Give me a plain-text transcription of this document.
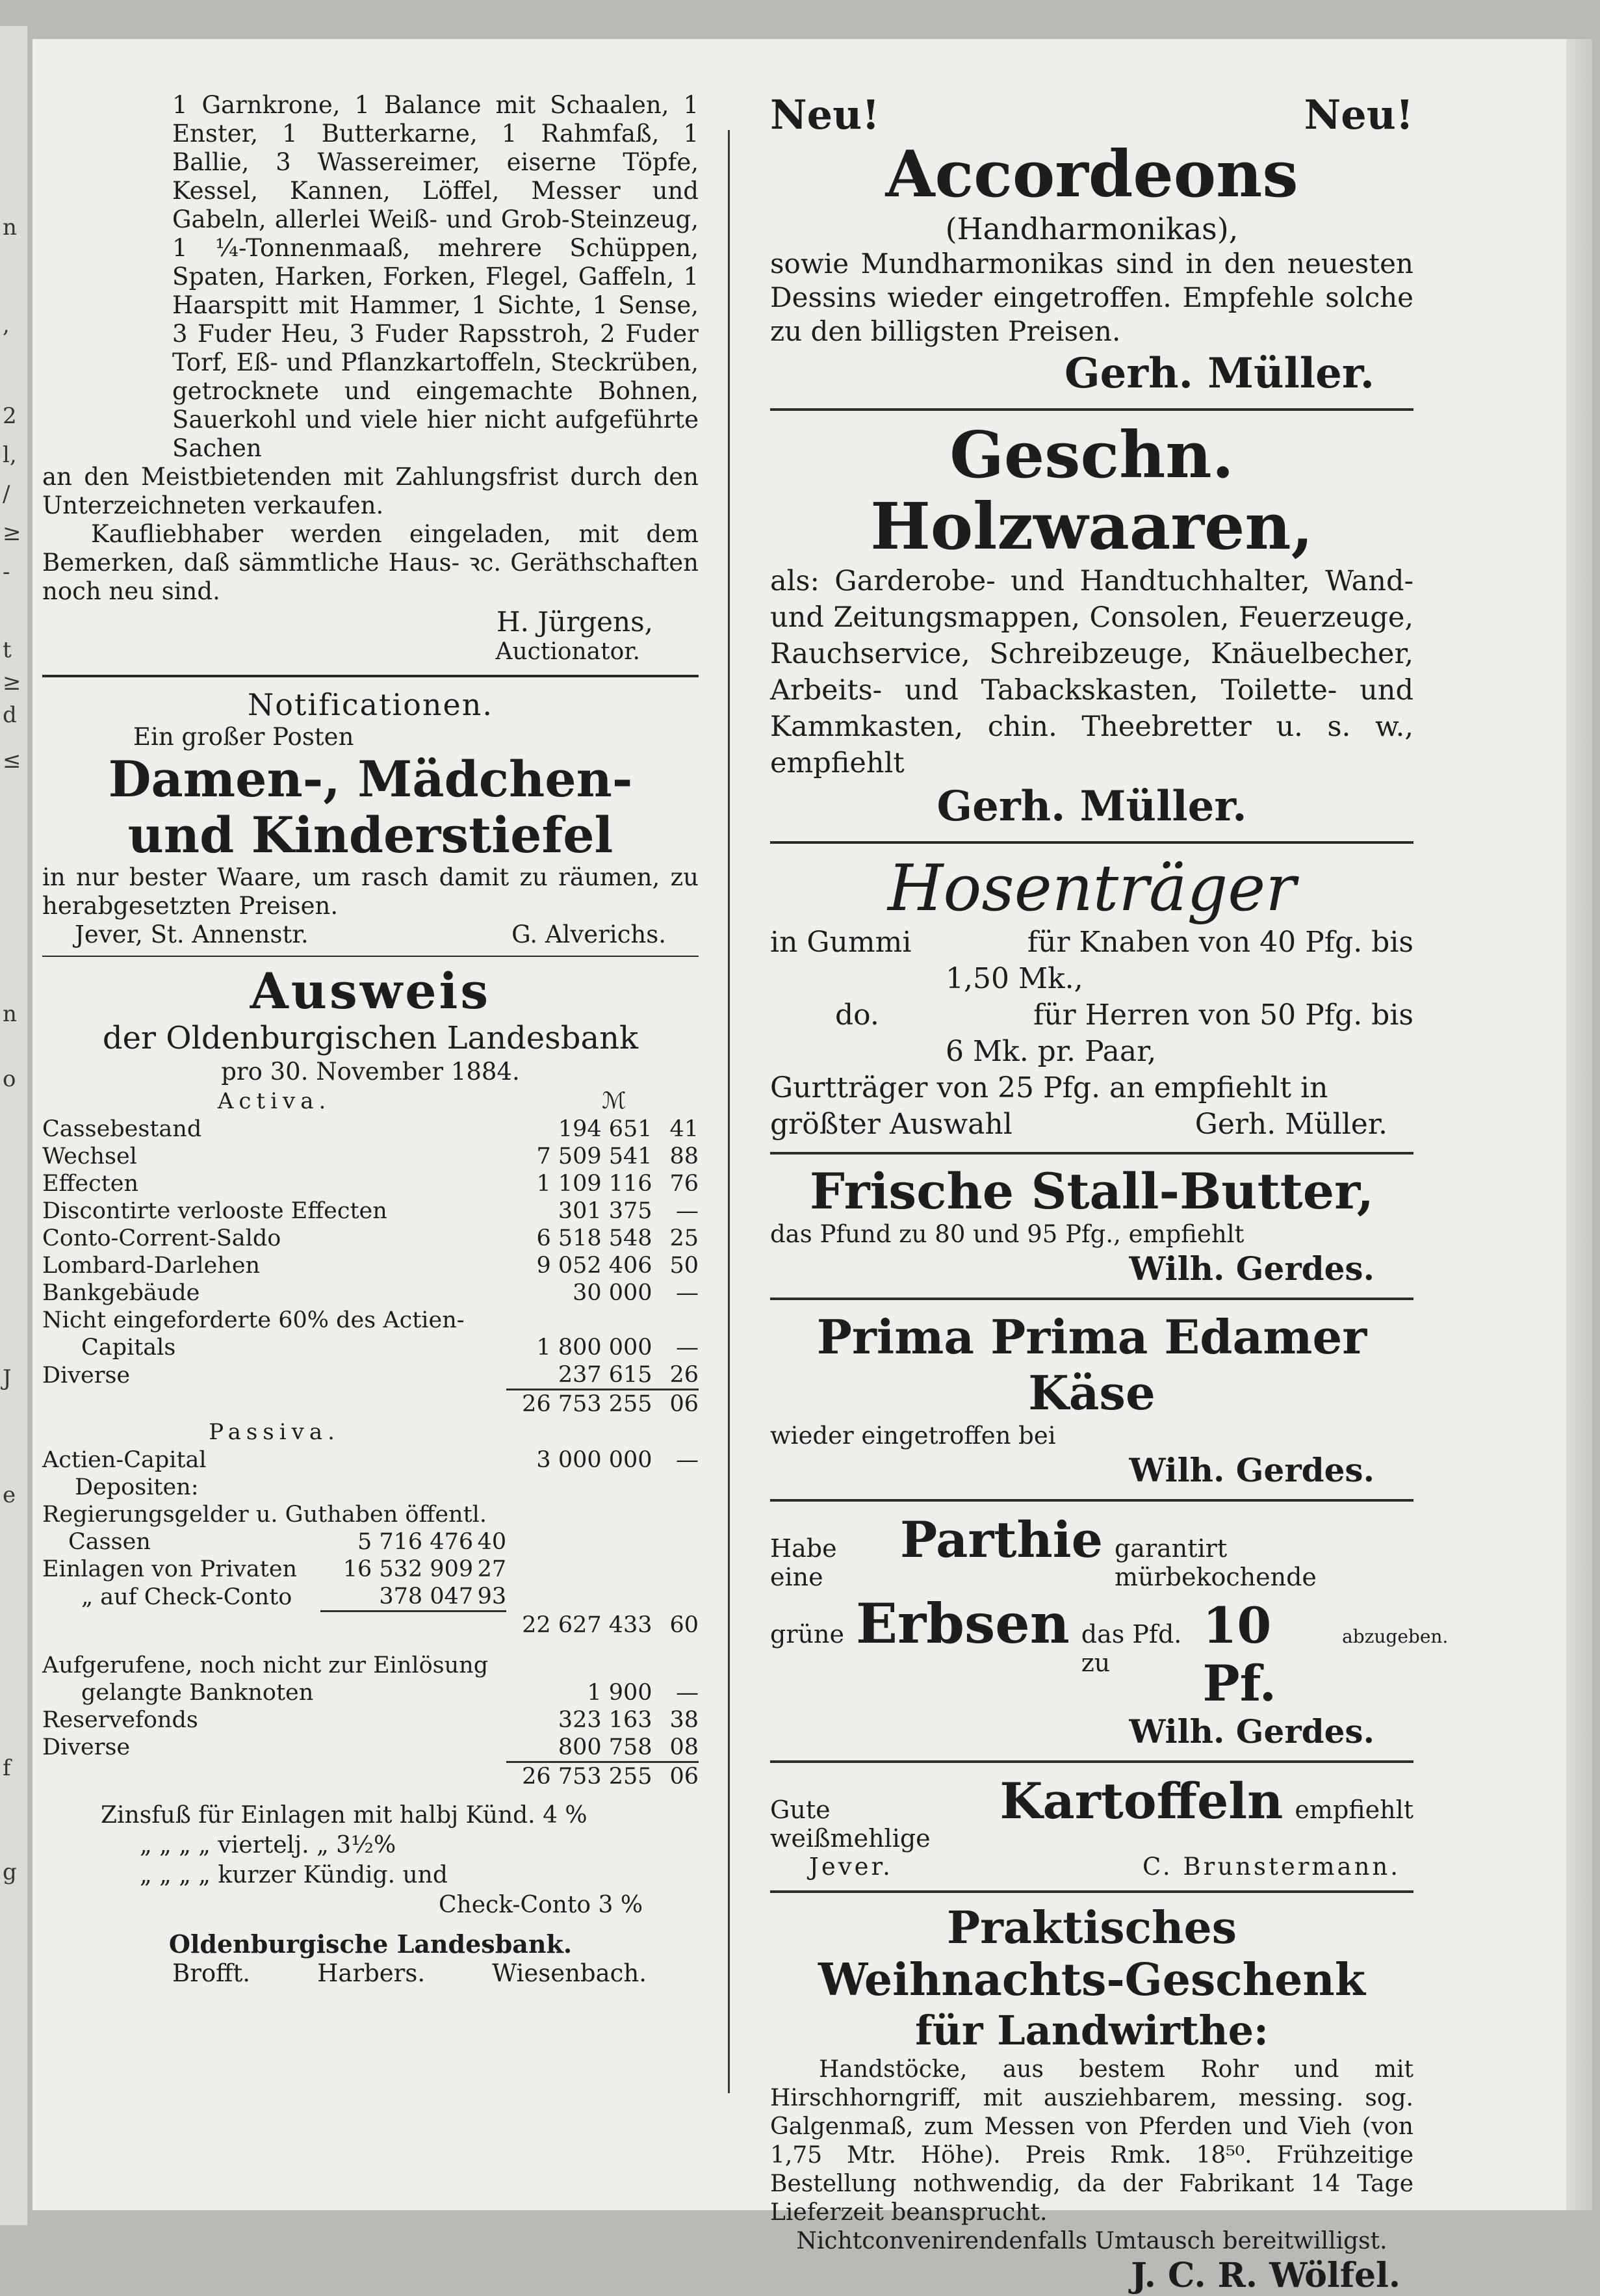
n
,
2
l,
/
≥
-
t
≥
d
≤
n
o
J
e
f
g

1 Garnkrone, 1 Balance mit Schaalen, 1 Enster, 1 Butterkarne, 1 Rahmfaß, 1 Ballie, 3 Wassereimer, eiserne Töpfe, Kessel, Kannen, Löffel, Messer und Gabeln, allerlei Weiß- und Grob-Steinzeug, 1 ¼-Tonnenmaaß, mehrere Schüppen, Spaten, Harken, Forken, Flegel, Gaffeln, 1 Haarspitt mit Hammer, 1 Sichte, 1 Sense, 3 Fuder Heu, 3 Fuder Rapsstroh, 2 Fuder Torf, Eß- und Pflanzkartoffeln, Steckrüben, getrocknete und eingemachte Bohnen, Sauerkohl und viele hier nicht aufgeführte Sachen

an den Meistbietenden mit Zahlungsfrist durch den Unterzeichneten verkaufen.

Kaufliebhaber werden eingeladen, mit dem Bemerken, daß sämmtliche Haus- ꝛc. Geräthschaften noch neu sind.

H. Jürgens,

Auctionator.

Notificationen.

Ein großer Posten

Damen-, Mädchen-

und Kinderstiefel

in nur bester Waare, um rasch damit zu räumen, zu herabgesetzten Preisen.

Jever, St. Annenstr.	G. Alverichs.

Ausweis

der Oldenburgischen Landesbank

pro 30. November 1884.

Activa.	ℳ	
Cassebestand	194 651	41
Wechsel	7 509 541	88
Effecten	1 109 116	76
Discontirte verlooste Effecten	301 375	—
Conto-Corrent-Saldo	6 518 548	25
Lombard-Darlehen	9 052 406	50
Bankgebäude	30 000	—
Nicht eingeforderte 60% des Actien-		
Capitals	1 800 000	—
Diverse	237 615	26
	26 753 255	06
Passiva.				
Actien-Capital			3 000 000	—
Depositen:				
Regierungsgelder u. Guthaben öffentl.				
Cassen	5 716 476	40		
Einlagen von Privaten	16 532 909	27		
„ auf Check-Conto	378 047	93		
			22 627 433	60

Aufgerufene, noch nicht zur Einlösung				
gelangte Banknoten			1 900	—
Reservefonds			323 163	38
Diverse			800 758	08
			26 753 255	06

Zinsfuß für Einlagen mit halbj Künd. 4 %

„ „ „ „ viertelj. „ 3½%

„ „ „ „ kurzer Kündig. und

Check-Conto 3 %

Oldenburgische Landesbank.

Brofft.	Harbers.	Wiesenbach.
Neu!	Neu!

Accordeons

(Handharmonikas),

sowie Mundharmonikas sind in den neuesten Dessins wieder eingetroffen. Empfehle solche zu den billigsten Preisen.

Gerh. Müller.

Geschn. Holzwaaren,

als: Garderobe- und Handtuchhalter, Wand- und Zeitungsmappen, Consolen, Feuerzeuge, Rauchservice, Schreibzeuge, Knäuelbecher, Arbeits- und Tabackskasten, Toilette- und Kammkasten, chin. Theebretter u. s. w., empfiehlt

Gerh. Müller.

Hosenträger

in Gummi	für Knaben von 40 Pfg. bis

1,50 Mk.,

do.	für Herren von 50 Pfg. bis

6 Mk. pr. Paar,

Gurtträger von 25 Pfg. an empfiehlt in

größter Auswahl	Gerh. Müller.

Frische Stall-Butter,

das Pfund zu 80 und 95 Pfg., empfiehlt

Wilh. Gerdes.

Prima Prima Edamer Käse

wieder eingetroffen bei

Wilh. Gerdes.

Habe eine
Parthie garantirt mürbekochende
grüne Erbsen das Pfd. zu
10 Pf.
abzugeben.

Wilh. Gerdes.

Gute weißmehlige
Kartoffeln empfiehlt
Jever.	C. Brunstermann.

Praktisches

Weihnachts-Geschenk

für Landwirthe:

Handstöcke, aus bestem Rohr und mit Hirschhorngriff, mit ausziehbarem, messing. sog. Galgenmaß, zum Messen von Pferden und Vieh (von 1,75 Mtr. Höhe). Preis Rmk. 18⁵⁰. Frühzeitige Bestellung nothwendig, da der Fabrikant 14 Tage Lieferzeit beansprucht.

Nichtconvenirendenfalls Umtausch bereitwilligst.

J. C. R. Wölfel.
